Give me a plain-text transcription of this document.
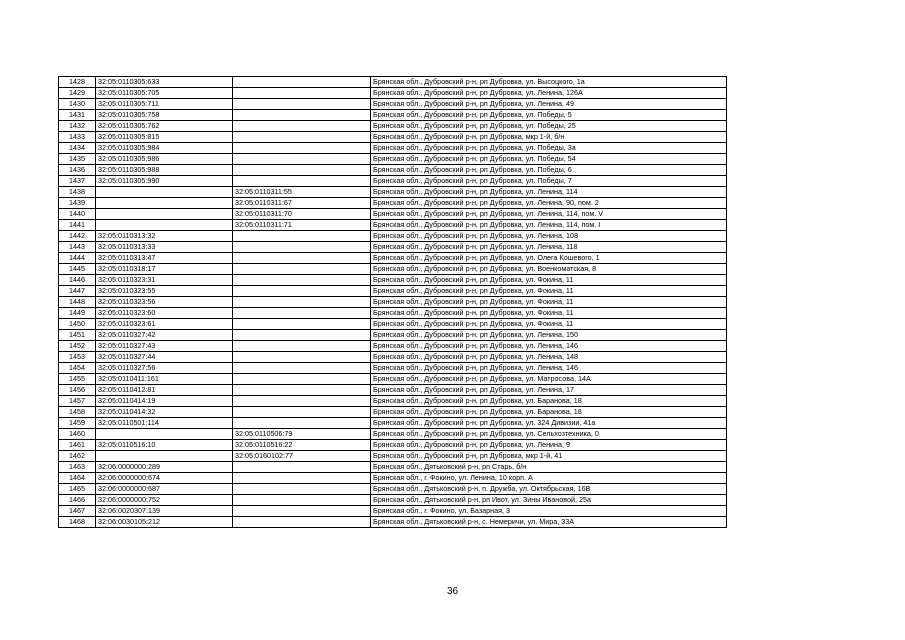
1428	32:05:0110305:633		Брянская обл., Дубровский р-н, рп Дубровка, ул. Высоцкого, 1а
1429	32:05:0110305:705		Брянская обл., Дубровский р-н, рп Дубровка, ул. Ленина, 126А
1430	32:05:0110305:711		Брянская обл., Дубровский р-н, рп Дубровка, ул. Ленина, 49
1431	32:05:0110305:758		Брянская обл., Дубровский р-н, рп Дубровка, ул. Победы, 5
1432	32:05:0110305:762		Брянская обл., Дубровский р-н, рп Дубровка, ул. Победы, 25
1433	32:05:0110305:815		Брянская обл., Дубровский р-н, рп Дубровка, мкр 1-й, б/н
1434	32:05:0110305:984		Брянская обл., Дубровский р-н, рп Дубровка, ул. Победы, 3а
1435	32:05:0110305:986		Брянская обл., Дубровский р-н, рп Дубровка, ул. Победы, 54
1436	32:05:0110305:988		Брянская обл., Дубровский р-н, рп Дубровка, ул. Победы, 6
1437	32:05:0110305:990		Брянская обл., Дубровский р-н, рп Дубровка, ул. Победы, 7
1438		32:05:0110311:55	Брянская обл., Дубровский р-н, рп Дубровка, ул. Ленина, 114
1439		32:05:0110311:67	Брянская обл., Дубровский р-н, рп Дубровка, ул. Ленина, 90, пом. 2
1440		32:05:0110311:70	Брянская обл., Дубровский р-н, рп Дубровка, ул. Ленина, 114, пом. V
1441		32:05:0110311:71	Брянская обл., Дубровский р-н, рп Дубровка, ул. Ленина, 114, пом. I
1442	32:05:0110313:32		Брянская обл., Дубровский р-н, рп Дубровка, ул. Ленина, 108
1443	32:05:0110313:33		Брянская обл., Дубровский р-н, рп Дубровка, ул. Ленина, 118
1444	32:05:0110313:47		Брянская обл., Дубровский р-н, рп Дубровка, ул. Олега Кошевого, 1
1445	32:05:0110318:17		Брянская обл., Дубровский р-н, рп Дубровка, ул. Военкоматская, 8
1446	32:05:0110323:31		Брянская обл., Дубровский р-н, рп Дубровка, ул. Фокина, 11
1447	32:05:0110323:55		Брянская обл., Дубровский р-н, рп Дубровка, ул. Фокина, 11
1448	32:05:0110323:56		Брянская обл., Дубровский р-н, рп Дубровка, ул. Фокина, 11
1449	32:05:0110323:60		Брянская обл., Дубровский р-н, рп Дубровка, ул. Фокина, 11
1450	32:05:0110323:61		Брянская обл., Дубровский р-н, рп Дубровка, ул. Фокина, 11
1451	32:05:0110327:42		Брянская обл., Дубровский р-н, рп Дубровка, ул. Ленина, 150
1452	32:05:0110327:43		Брянская обл., Дубровский р-н, рп Дубровка, ул. Ленина, 146
1453	32:05:0110327:44		Брянская обл., Дубровский р-н, рп Дубровка, ул. Ленина, 148
1454	32:05:0110327:56		Брянская обл., Дубровский р-н, рп Дубровка, ул. Ленина, 146
1455	32:05:0110411:161		Брянская обл., Дубровский р-н, рп Дубровка, ул. Матросова, 14А
1456	32:05:0110412:81		Брянская обл., Дубровский р-н, рп Дубровка, ул. Ленина, 17
1457	32:05:0110414:19		Брянская обл., Дубровский р-н, рп Дубровка, ул. Баранова, 18
1458	32:05:0110414:32		Брянская обл., Дубровский р-н, рп Дубровка, ул. Баранова, 18
1459	32:05:0110501:114		Брянская обл., Дубровский р-н, рп Дубровка, ул. 324 Дивизии, 41а
1460		32:05:0110506:79	Брянская обл., Дубровский р-н, рп Дубровка, ул. Сельхозтехника, 0
1461	32:05:0110516:10	32:05:0110516:22	Брянская обл., Дубровский р-н, рп Дубровка, ул. Ленина, 9
1462		32:05:0160102:77	Брянская обл., Дубровский р-н, рп Дубровка, мкр 1-й, 41
1463	32:06:0000000:289		Брянская обл., Дятьковский р-н, рп Старь, б/н
1464	32:06:0000000:674		Брянская обл., г. Фокино, ул. Ленина, 10 корп. А
1465	32:06:0000000:687		Брянская обл., Дятьковский р-н, п. Дружба, ул. Октябрьская, 16В
1466	32:06:0000000:752		Брянская обл., Дятьковский р-н, рп Ивот, ул. Зины Ивановой, 25а
1467	32:06:0020307:139		Брянская обл., г. Фокино, ул. Базарная, 3
1468	32:06:0030105:212		Брянская обл., Дятьковский р-н, с. Немеричи, ул. Мира, 33А
36
